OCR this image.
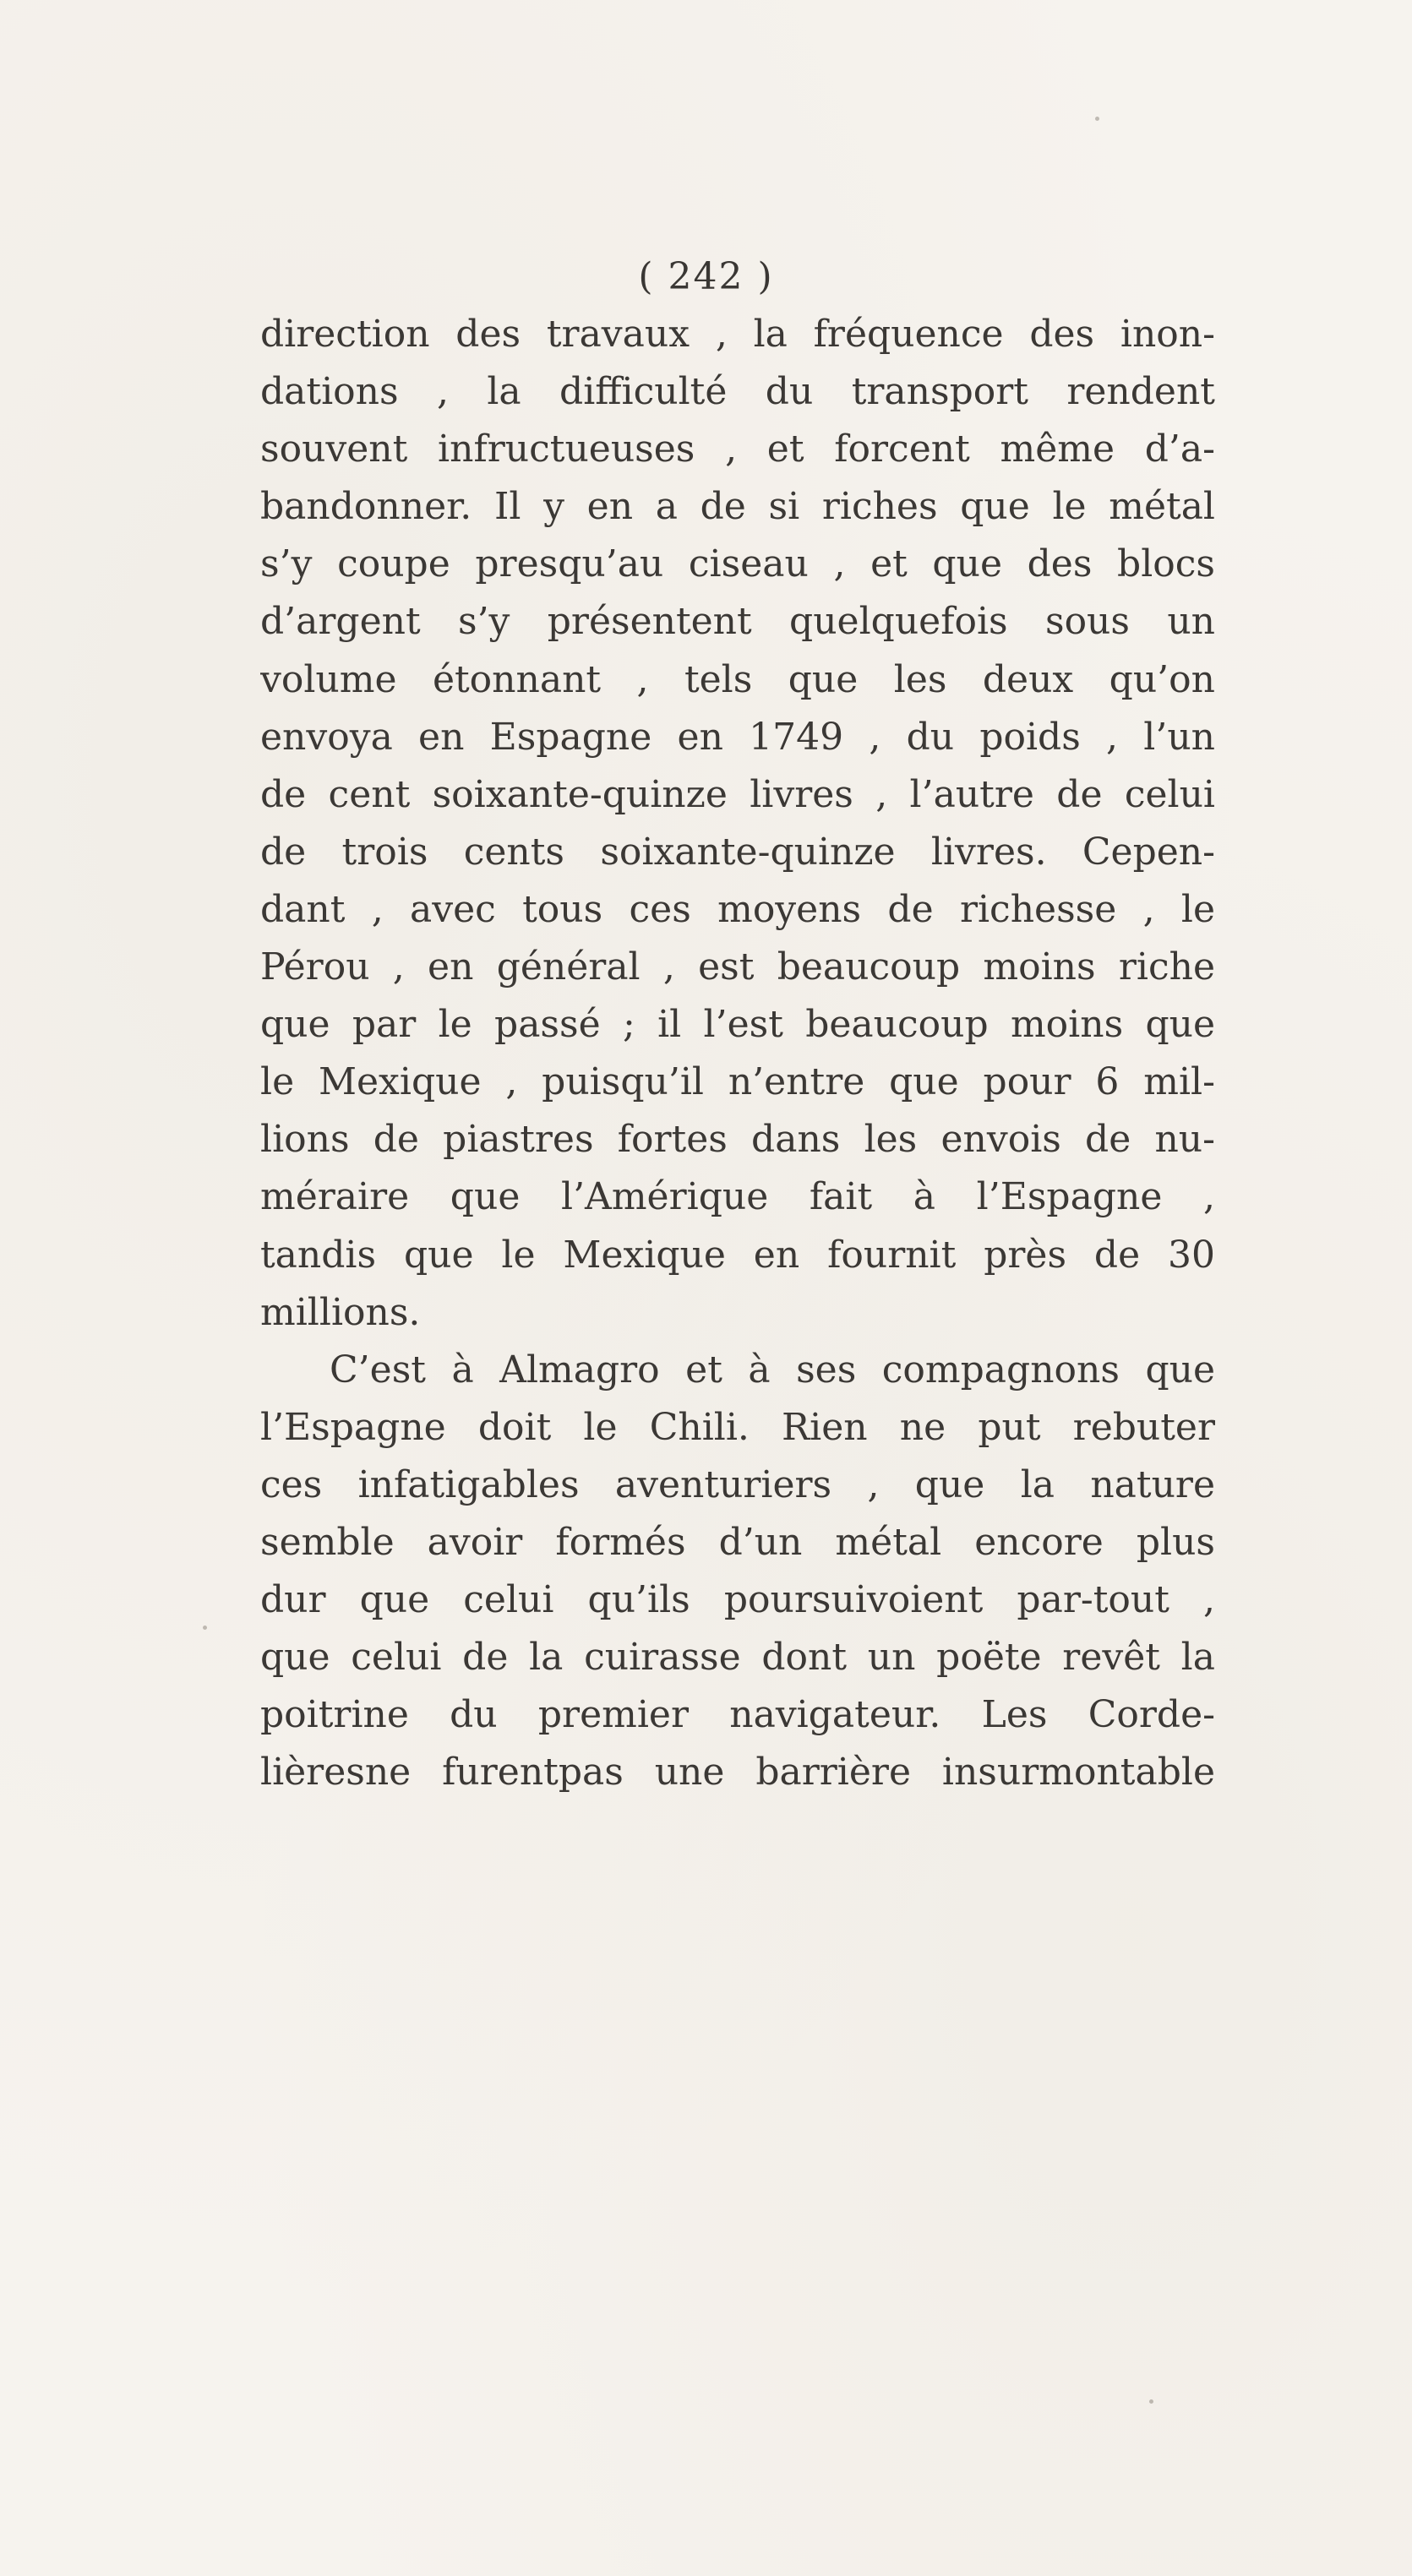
( 242 )
direction des travaux , la fréquence des inon-
dations , la difficulté du transport rendent
souvent infructueuses , et forcent même d’a-
bandonner. Il y en a de si riches que le métal
s’y coupe presqu’au ciseau , et que des blocs
d’argent s’y présentent quelquefois sous un
volume étonnant , tels que les deux qu’on
envoya en Espagne en 1749 , du poids , l’un
de cent soixante-quinze livres , l’autre de celui
de trois cents soixante-quinze livres. Cepen-
dant , avec tous ces moyens de richesse , le
Pérou , en général , est beaucoup moins riche
que par le passé ; il l’est beaucoup moins que
le Mexique , puisqu’il n’entre que pour 6 mil-
lions de piastres fortes dans les envois de nu-
méraire que l’Amérique fait à l’Espagne ,
tandis que le Mexique en fournit près de 30
millions.
C’est à Almagro et à ses compagnons que
l’Espagne doit le Chili. Rien ne put rebuter
ces infatigables aventuriers , que la nature
semble avoir formés d’un métal encore plus
dur que celui qu’ils poursuivoient par-tout ,
que celui de la cuirasse dont un poëte revêt la
poitrine du premier navigateur. Les Corde-
lièresne furentpas une barrière insurmontable
